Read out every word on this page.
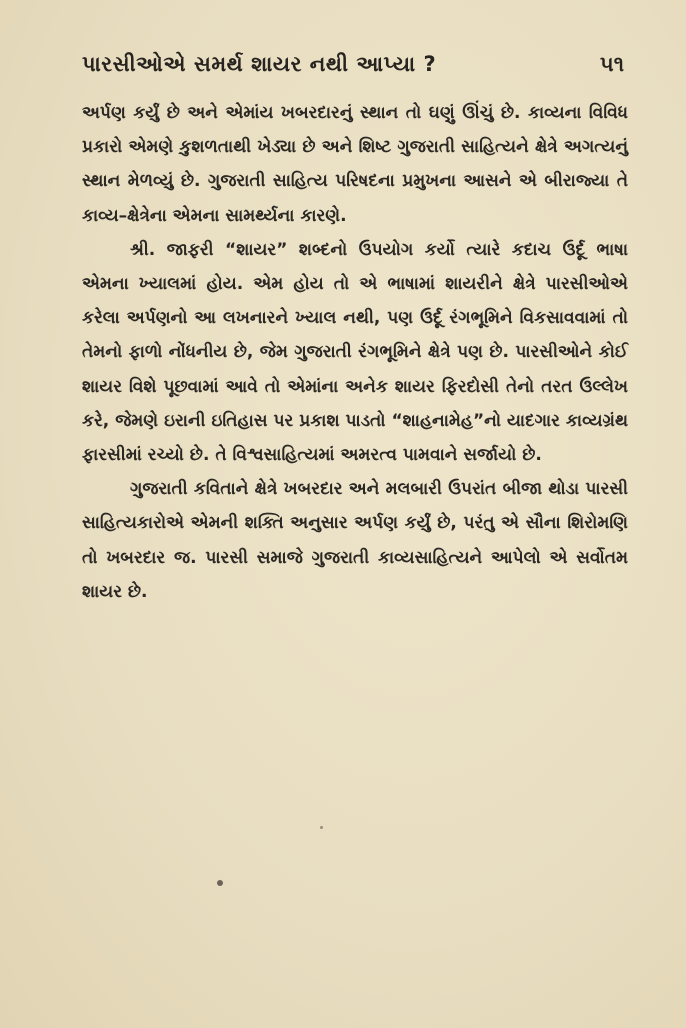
પારસીઓએ સમર્થ શાયર નથી આપ્યા ?	૫૧

અર્પણ કર્યું છે અને એમાંય ખબરદારનું સ્થાન તો ઘણું ઊંચું છે. કાવ્યના વિવિધ પ્રકારો એમણે કુશળતાથી ખેડ્યા છે અને શિષ્ટ ગુજરાતી સાહિત્યને ક્ષેત્રે અગત્યનું સ્થાન મેળવ્યું છે. ગુજરાતી સાહિત્ય પરિષદના પ્રમુખના આસને એ બીરાજ્યા તે કાવ્ય–ક્ષેત્રેના એમના સામર્થ્યના કારણે.

શ્રી. જાફરી “શાયર” શબ્દનો ઉપયોગ કર્યો ત્યારે કદાચ ઉર્દૂ ભાષા એમના ખ્યાલમાં હોય. એમ હોય તો એ ભાષામાં શાયરીને ક્ષેત્રે પારસીઓએ કરેલા અર્પણનો આ લખનારને ખ્યાલ નથી, પણ ઉર્દૂ રંગભૂમિને વિકસાવવામાં તો તેમનો ફાળો નોંધનીય છે, જેમ ગુજરાતી રંગભૂમિને ક્ષેત્રે પણ છે. પારસીઓને કોઈ શાયર વિશે પૂછવામાં આવે તો એમાંના અનેક શાયર ફિરદોસી તેનો તરત ઉલ્લેખ કરે, જેમણે ઇરાની ઇતિહાસ પર પ્રકાશ પાડતો “શાહનામેહ”નો યાદગાર કાવ્યગ્રંથ ફારસીમાં રચ્યો છે. તે વિશ્વસાહિત્યમાં અમરત્વ પામવાને સર્જાયો છે.

ગુજરાતી કવિતાને ક્ષેત્રે ખબરદાર અને મલબારી ઉપરાંત બીજા થોડા પારસી સાહિત્યકારોએ એમની શક્તિ અનુસાર અર્પણ કર્યું છે, પરંતુ એ સૌના શિરોમણિ તો ખબરદાર જ. પારસી સમાજે ગુજરાતી કાવ્યસાહિત્યને આપેલો એ સર્વોતમ શાયર છે.
